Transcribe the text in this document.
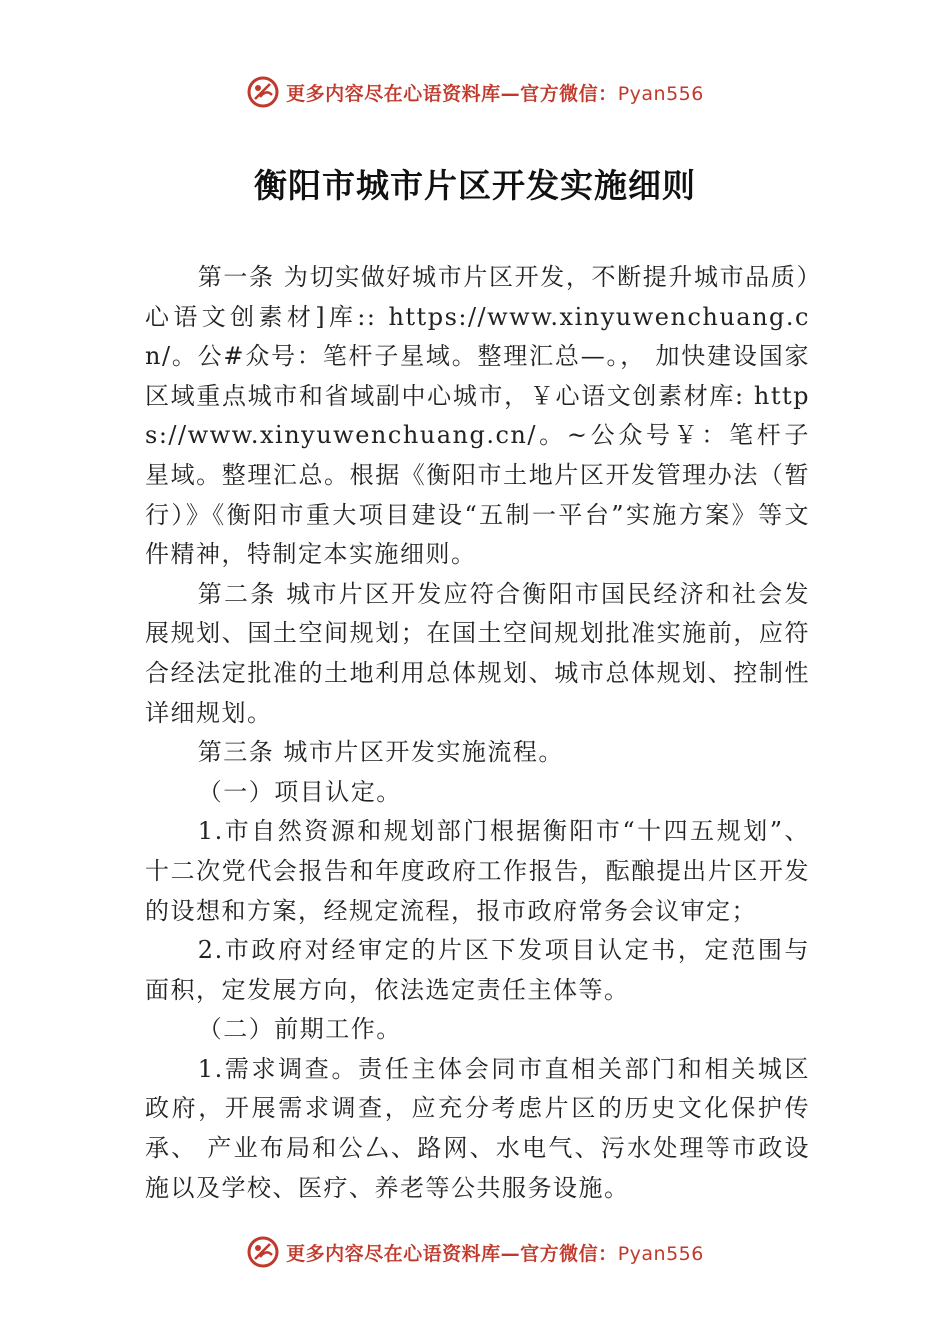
更多内容尽在心语资料库—官方微信：Pyan556
衡阳市城市片区开发实施细则

第一条 为切实做好城市片区开发，不断提升城市品质）心语文创素材]库:: https://www.xinyuwenchuang.cn/。公#众号：笔杆子星域。整理汇总—。， 加快建设国家区域重点城市和省域副中心城市，￥心语文创素材库: https://www.xinyuwenchuang.cn/。~公众号￥：笔杆子星域。整理汇总。根据《衡阳市土地片区开发管理办法（暂行）》《衡阳市重大项目建设“五制一平台”实施方案》等文件精神，特制定本实施细则。

第二条 城市片区开发应符合衡阳市国民经济和社会发展规划、国土空间规划；在国土空间规划批准实施前，应符合经法定批准的土地利用总体规划、城市总体规划、控制性详细规划。

第三条 城市片区开发实施流程。

（一）项目认定。

1.市自然资源和规划部门根据衡阳市“十四五规划”、十二次党代会报告和年度政府工作报告，酝酿提出片区开发的设想和方案，经规定流程，报市政府常务会议审定；

2.市政府对经审定的片区下发项目认定书，定范围与面积，定发展方向，依法选定责任主体等。

（二）前期工作。

1.需求调查。责任主体会同市直相关部门和相关城区政府，开展需求调查，应充分考虑片区的历史文化保护传承、 产业布局和公厶、路网、水电气、污水处理等市政设施以及学校、医疗、养老等公共服务设施。

更多内容尽在心语资料库—官方微信：Pyan556
